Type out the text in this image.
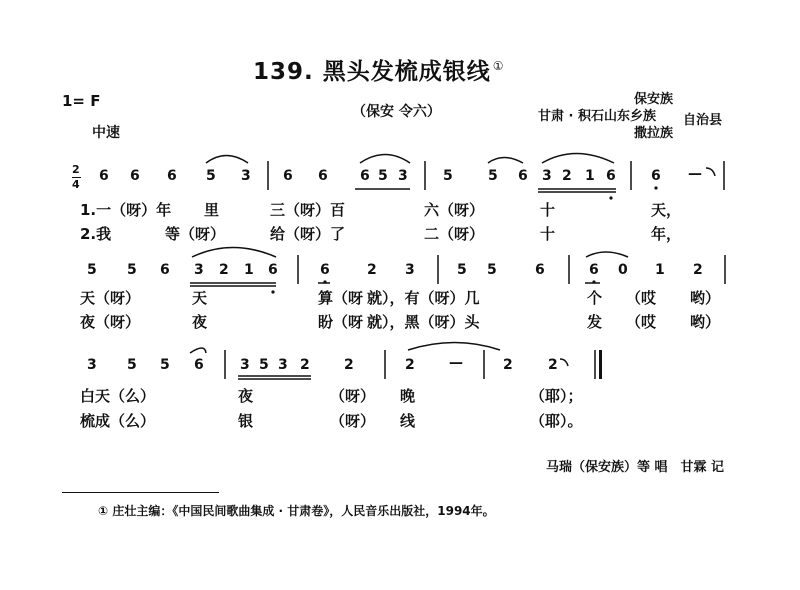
139. 黑头发梳成银线 ①
1= F
中速
（保安 令六）
保安族
甘肃 · 积石山东乡族 自治县
撒拉族
2
4
6 6 6 5 3 6 6 6 5 3	5	5 6 3 2 1 6	6 —
1.一（呀）年 里	三（呀）百	六（呀）	十	天，
2.我	等（呀）	给（呀）了	二（呀）	十	年，
5 5 6 3 2 1 6	6	2 3	5 5	6	6 0 1 2
天（呀）	天	算（呀 就），有（呀）几	个 （哎 哟）
夜（呀）	夜	盼（呀 就），黑（呀）头	发 （哎 哟）
3 5 5 6	3 5 3 2 2	2 —	2	2
白天（么）	夜	（呀） 晚	（耶）；
梳成（么）	银	（呀） 线	（耶）。
马瑞（保安族）等 唱　甘霖 记
① 庄壮主编：《中国民间歌曲集成 · 甘肃卷》，人民音乐出版社，1994年。
